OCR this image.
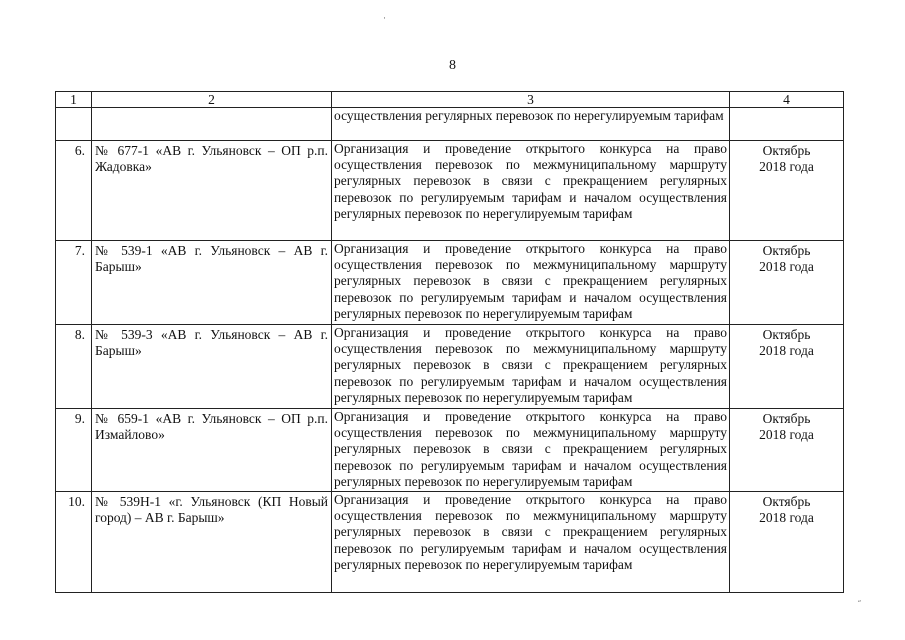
8
1	2	3	4
		осуществления регулярных перевозок по нерегулируемым тарифам	
6.	№ 677-1 «АВ г. Ульяновск – ОП р.п. Жадовка»	Организация и проведение открытого конкурса на право осуществления перевозок по межмуниципальному маршруту регулярных перевозок в связи с прекращением регулярных перевозок по регулируемым тарифам и началом осуществления регулярных перевозок по нерегулируемым тарифам	Октябрь
2018 года

7.	№ 539-1 «АВ г. Ульяновск – АВ г. Барыш»	Организация и проведение открытого конкурса на право осуществления перевозок по межмуниципальному маршруту регулярных перевозок в связи с прекращением регулярных перевозок по регулируемым тарифам и началом осуществления регулярных перевозок по нерегулируемым тарифам	Октябрь
2018 года

8.	№ 539-3 «АВ г. Ульяновск – АВ г. Барыш»	Организация и проведение открытого конкурса на право осуществления перевозок по межмуниципальному маршруту регулярных перевозок в связи с прекращением регулярных перевозок по регулируемым тарифам и началом осуществления регулярных перевозок по нерегулируемым тарифам	Октябрь
2018 года

9.	№ 659-1 «АВ г. Ульяновск – ОП р.п. Измайлово»	Организация и проведение открытого конкурса на право осуществления перевозок по межмуниципальному маршруту регулярных перевозок в связи с прекращением регулярных перевозок по регулируемым тарифам и началом осуществления регулярных перевозок по нерегулируемым тарифам	Октябрь
2018 года

10.	№ 539Н-1 «г. Ульяновск (КП Новый город) – АВ г. Барыш»	Организация и проведение открытого конкурса на право осуществления перевозок по межмуниципальному маршруту регулярных перевозок в связи с прекращением регулярных перевозок по регулируемым тарифам и началом осуществления регулярных перевозок по нерегулируемым тарифам	Октябрь
2018 года
·
˝
